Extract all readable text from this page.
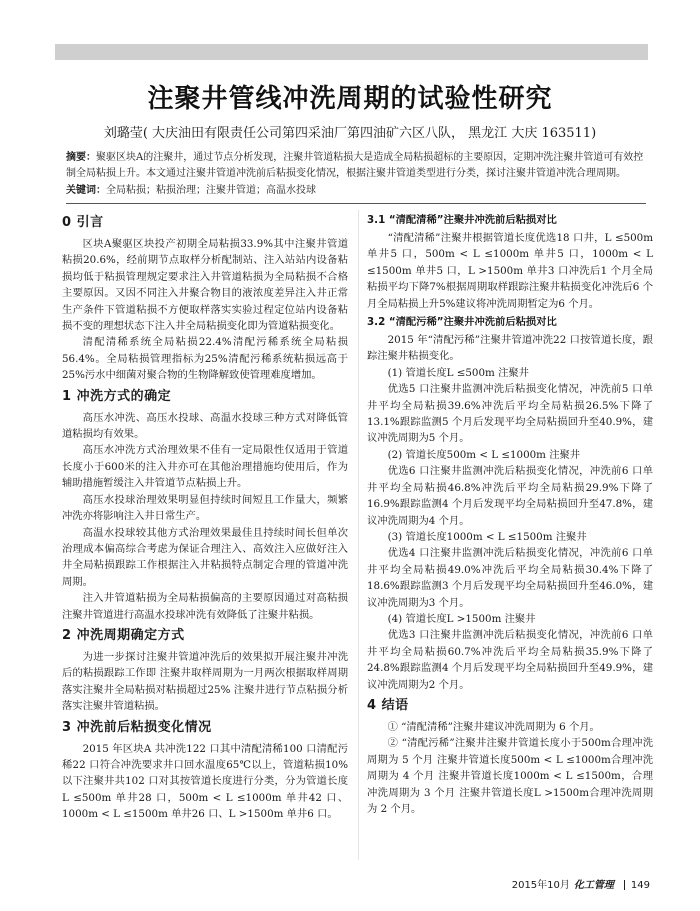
注聚井管线冲洗周期的试验性研究
刘璐莹( 大庆油田有限责任公司第四采油厂第四油矿六区八队， 黑龙江 大庆 163511)
摘要：聚驱区块A的注聚井，通过节点分析发现，注聚井管道粘损大是造成全局粘损超标的主要原因，定期冲洗注聚井管道可有效控制全局粘损上升。本文通过注聚井管道冲洗前后粘损变化情况，根据注聚井管道类型进行分类，探讨注聚井管道冲洗合理周期。
关键词：全局粘损；粘损治理；注聚井管道；高温水投球
0 引言

区块A聚驱区块投产初期全局粘损33.9%其中注聚井管道粘损20.6%，经前期节点取样分析配制站、注入站站内设备粘损均低于粘损管理规定要求注入井管道粘损为全局粘损不合格主要原因。又因不同注入井聚合物目的液浓度差异注入井正常生产条件下管道粘损不方便取样落实实验过程定位站内设备粘损不变的理想状态下注入井全局粘损变化即为管道粘损变化。

清配清稀系统全局粘损22.4%清配污稀系统全局粘损56.4%。全局粘损管理指标为25%清配污稀系统粘损远高于25%污水中细菌对聚合物的生物降解致使管理难度增加。

1 冲洗方式的确定

高压水冲洗、高压水投球、高温水投球三种方式对降低管道粘损均有效果。

高压水冲洗方式治理效果不佳有一定局限性仅适用于管道长度小于600米的注入井亦可在其他治理措施均使用后，作为辅助措施暂缓注入井管道节点粘损上升。

高压水投球治理效果明显但持续时间短且工作量大，频繁冲洗亦将影响注入井日常生产。

高温水投球较其他方式治理效果最佳且持续时间长但单次治理成本偏高综合考虑为保证合理注入、高效注入应做好注入井全局粘损跟踪工作根据注入井粘损特点制定合理的管道冲洗周期。

注入井管道粘损为全局粘损偏高的主要原因通过对高粘损注聚井管道进行高温水投球冲洗有效降低了注聚井粘损。

2 冲洗周期确定方式

为进一步探讨注聚井管道冲洗后的效果拟开展注聚井冲洗后的粘损跟踪工作即 注聚井取样周期为一月两次根据取样周期落实注聚井全局粘损对粘损超过25% 注聚井进行节点粘损分析落实注聚井管道粘损。

3 冲洗前后粘损变化情况

2015 年区块A 共冲洗122 口其中清配清稀100 口清配污稀22 口符合冲洗要求井口回水温度65℃以上，管道粘损10%以下注聚井共102 口对其按管道长度进行分类，分为管道长度L ≤500m 单井28 口，500m < L ≤1000m 单井42 口、1000m < L ≤1500m 单井26 口、L >1500m 单井6 口。

3.1 “清配清稀”注聚井冲洗前后粘损对比

“清配清稀”注聚井根据管道长度优选18 口井，L ≤500m 单井5 口，500m < L ≤1000m 单井5 口，1000m < L ≤1500m 单井5 口，L >1500m 单井3 口冲洗后1 个月全局粘损平均下降7%根据周期取样跟踪注聚井粘损变化冲洗后6 个月全局粘损上升5%建议将冲洗周期暂定为6 个月。

3.2 “清配污稀”注聚井冲洗前后粘损对比

2015 年“清配污稀”注聚井管道冲洗22 口按管道长度，跟踪注聚井粘损变化。

(1) 管道长度L ≤500m 注聚井

优选5 口注聚井监测冲洗后粘损变化情况，冲洗前5 口单井平均全局粘损39.6%冲洗后平均全局粘损26.5%下降了13.1%跟踪监测5 个月后发现平均全局粘损回升至40.9%，建议冲洗周期为5 个月。

(2) 管道长度500m < L ≤1000m 注聚井

优选6 口注聚井监测冲洗后粘损变化情况，冲洗前6 口单井平均全局粘损46.8%冲洗后平均全局粘损29.9%下降了16.9%跟踪监测4 个月后发现平均全局粘损回升至47.8%，建议冲洗周期为4 个月。

(3) 管道长度1000m < L ≤1500m 注聚井

优选4 口注聚井监测冲洗后粘损变化情况，冲洗前6 口单井平均全局粘损49.0%冲洗后平均全局粘损30.4%下降了18.6%跟踪监测3 个月后发现平均全局粘损回升至46.0%，建议冲洗周期为3 个月。

(4) 管道长度L >1500m 注聚井

优选3 口注聚井监测冲洗后粘损变化情况，冲洗前6 口单井平均全局粘损60.7%冲洗后平均全局粘损35.9%下降了24.8%跟踪监测4 个月后发现平均全局粘损回升至49.9%，建议冲洗周期为2 个月。

4 结语

① “清配清稀”注聚井建议冲洗周期为 6 个月。

② “清配污稀”注聚井注聚井管道长度小于500m合理冲洗周期为 5 个月 注聚井管道长度500m < L ≤1000m合理冲洗周期为 4 个月 注聚井管道长度1000m < L ≤1500m，合理冲洗周期为 3 个月 注聚井管道长度L >1500m合理冲洗周期为 2 个月。

2015年10月 化工管理 149
